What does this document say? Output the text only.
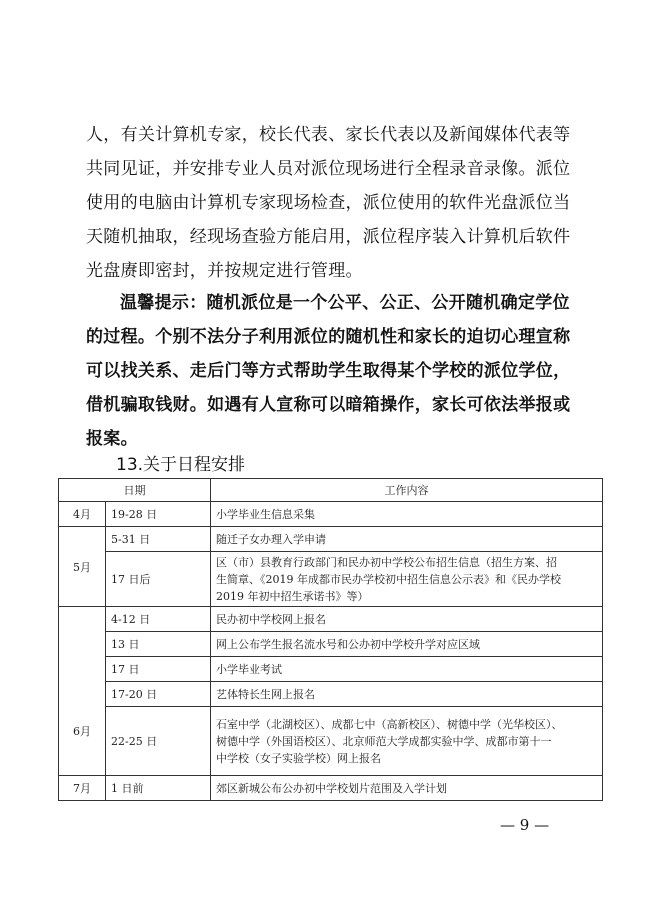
人，有关计算机专家，校长代表、家长代表以及新闻媒体代表等
共同见证，并安排专业人员对派位现场进行全程录音录像。派位
使用的电脑由计算机专家现场检查，派位使用的软件光盘派位当
天随机抽取，经现场查验方能启用，派位程序装入计算机后软件
光盘赓即密封，并按规定进行管理。
温馨提示：随机派位是一个公平、公正、公开随机确定学位
的过程。个别不法分子利用派位的随机性和家长的迫切心理宣称
可以找关系、走后门等方式帮助学生取得某个学校的派位学位，
借机骗取钱财。如遇有人宣称可以暗箱操作，家长可依法举报或
报案。
13.关于日程安排
日期		工作内容
4月	19-28 日	小学毕业生信息采集
5月	5-31 日	随迁子女办理入学申请
	17 日后	区（市）县教育行政部门和民办初中学校公布招生信息（招生方案、招
生简章、《2019 年成都市民办学校初中招生信息公示表》和《民办学校
2019 年初中招生承诺书》等）

6月	4-12 日	民办初中学校网上报名
	13 日	网上公布学生报名流水号和公办初中学校升学对应区域
	17 日	小学毕业考试
	17-20 日	艺体特长生网上报名
	22-25 日	石室中学（北湖校区）、成都七中（高新校区）、树德中学（光华校区）、
树德中学（外国语校区）、北京师范大学成都实验中学、成都市第十一
中学校（女子实验学校）网上报名

7月	1 日前	郊区新城公布公办初中学校划片范围及入学计划
— 9 —
